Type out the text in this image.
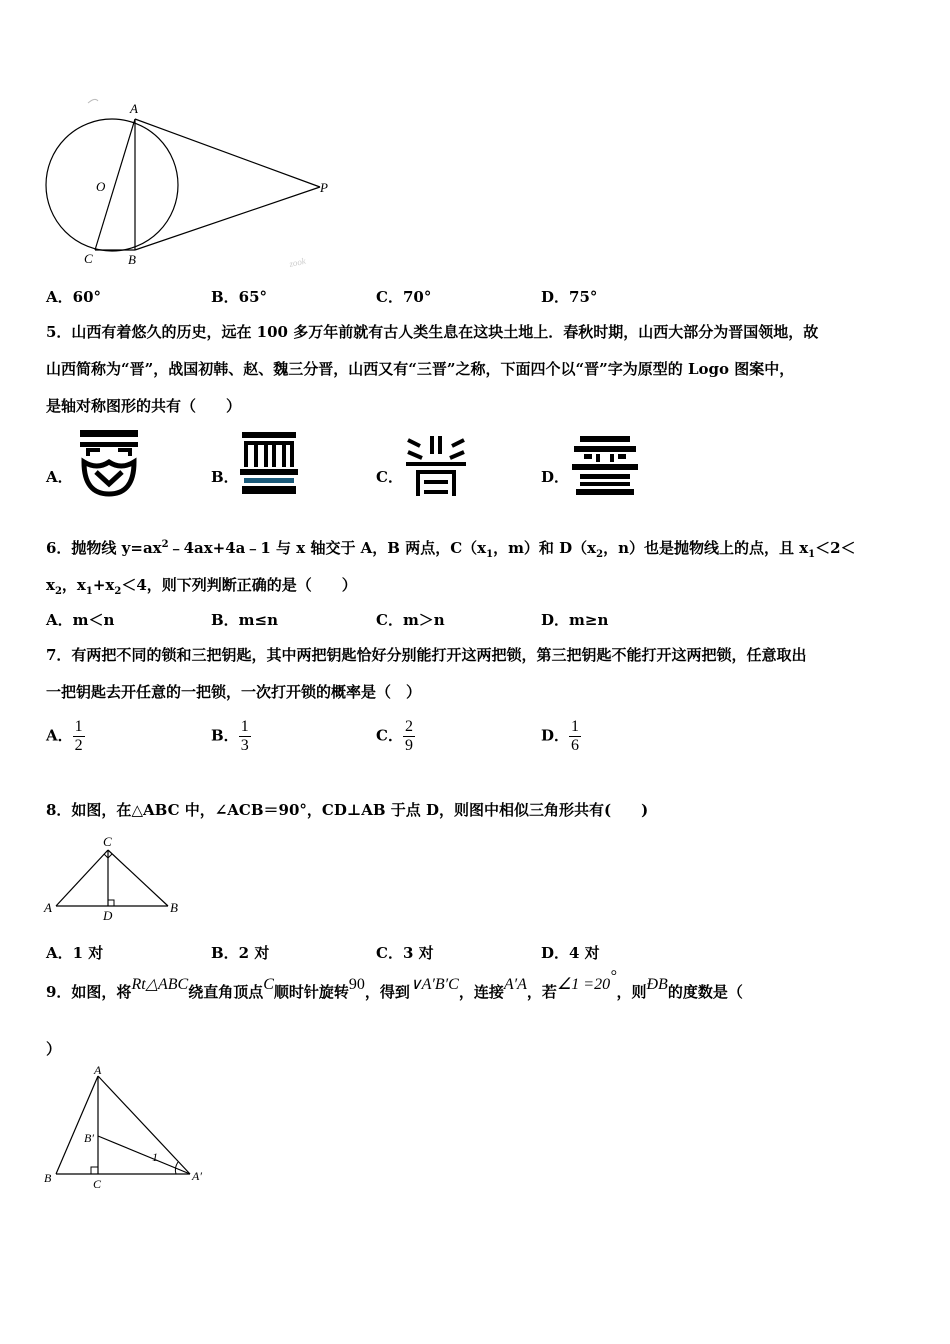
A
O	P
C	B	zook
A．60°	B．65°	C．70°	D．75°
5．山西有着悠久的历史，远在 100 多万年前就有古人类生息在这块土地上．春秋时期，山西大部分为晋国领地，故
山西简称为“晋”，战国初韩、赵、魏三分晋，山西又有“三晋”之称，下面四个以“晋”字为原型的 Logo 图案中，
是轴对称图形的共有（　　）
A．	B．	C．	D．
6．抛物线 $y=ax^2﹣4ax+4a﹣1$ 与 x 轴交于 A，B 两点，$C(x_1$，m）和 $D(x_2$，n）也是抛物线上的点，且 $x_1<2<$
$x_2$，$x_1+x_2<4$，则下列判断正确的是（　　）
A．m＜n	B．m≤n	C．m＞n	D．m≥n
7．有两把不同的锁和三把钥匙，其中两把钥匙恰好分别能打开这两把锁，第三把钥匙不能打开这两把锁，任意取出
一把钥匙去开任意的一把锁，一次打开锁的概率是（　）
A． $\frac{1}{2}$	B． $\frac{1}{3}$	C． $\frac{2}{9}$	D． $\frac{1}{6}$
8．如图，在△ABC 中，∠ACB＝90°，CD⊥AB 于点 D，则图中相似三角形共有(　　)
C
A	B
D
A．1 对	B．2 对	C．3 对	D．4 对
9．如图，将Rt△ABC绕直角顶点C顺时针旋转90，得到∨A′B′C，连接A′A，若∠1 =20°，则ÐB的度数是（
）
A
B′
1
B	C
A′
